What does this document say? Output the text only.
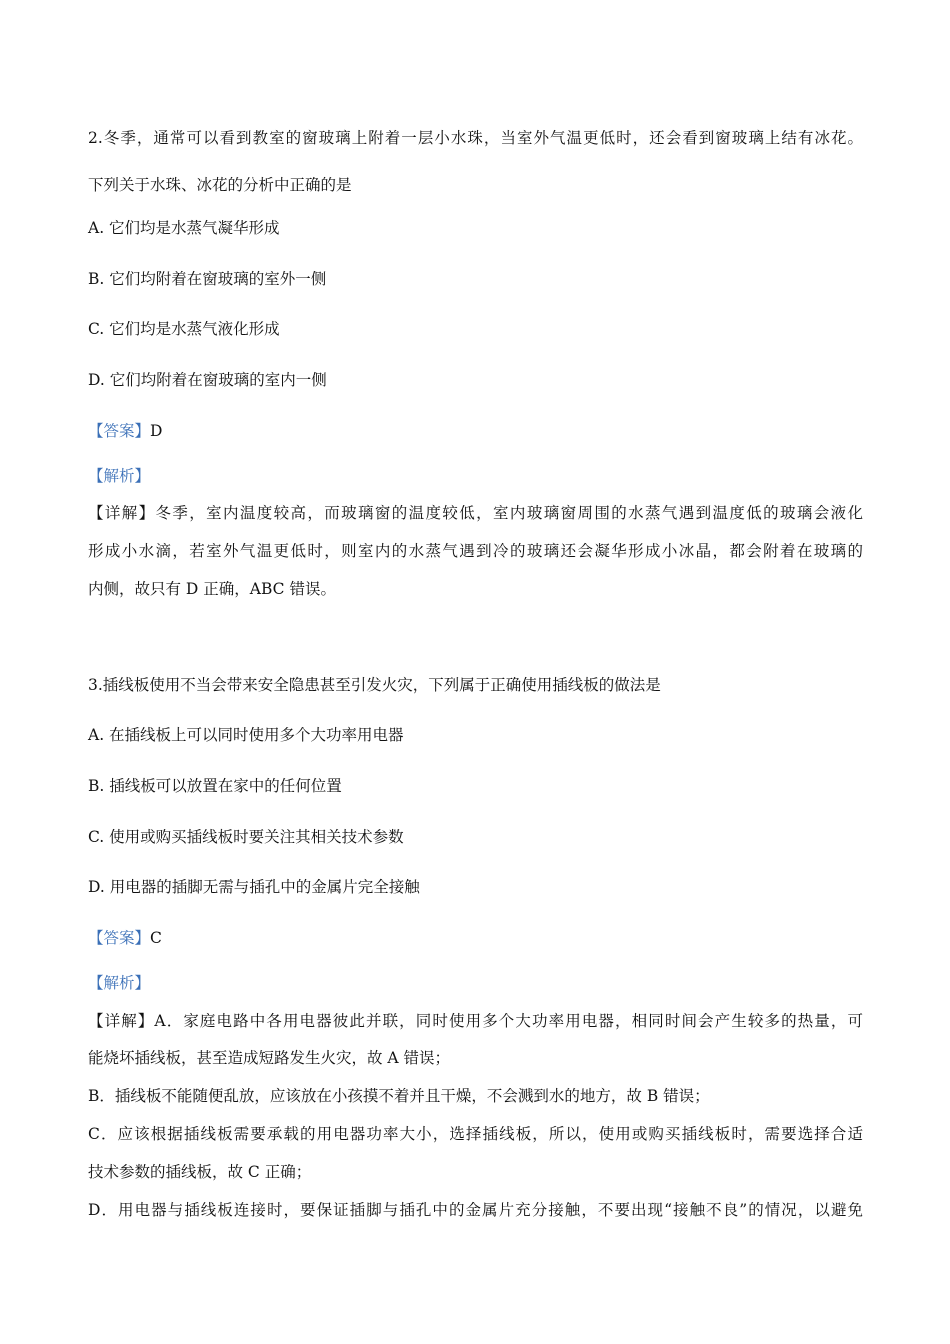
2.冬季，通常可以看到教室的窗玻璃上附着一层小水珠，当室外气温更低时，还会看到窗玻璃上结有冰花。
下列关于水珠、冰花的分析中正确的是
A. 它们均是水蒸气凝华形成
B. 它们均附着在窗玻璃的室外一侧
C. 它们均是水蒸气液化形成
D. 它们均附着在窗玻璃的室内一侧
【答案】D
【解析】
【详解】冬季，室内温度较高，而玻璃窗的温度较低，室内玻璃窗周围的水蒸气遇到温度低的玻璃会液化
形成小水滴，若室外气温更低时，则室内的水蒸气遇到冷的玻璃还会凝华形成小冰晶，都会附着在玻璃的
内侧，故只有 D 正确，ABC 错误。
3.插线板使用不当会带来安全隐患甚至引发火灾，下列属于正确使用插线板的做法是
A. 在插线板上可以同时使用多个大功率用电器
B. 插线板可以放置在家中的任何位置
C. 使用或购买插线板时要关注其相关技术参数
D. 用电器的插脚无需与插孔中的金属片完全接触
【答案】C
【解析】
【详解】A．家庭电路中各用电器彼此并联，同时使用多个大功率用电器，相同时间会产生较多的热量，可
能烧坏插线板，甚至造成短路发生火灾，故 A 错误；
B．插线板不能随便乱放，应该放在小孩摸不着并且干燥，不会溅到水的地方，故 B 错误；
C．应该根据插线板需要承载的用电器功率大小，选择插线板，所以，使用或购买插线板时，需要选择合适
技术参数的插线板，故 C 正确；
D．用电器与插线板连接时，要保证插脚与插孔中的金属片充分接触，不要出现“接触不良”的情况，以避免
